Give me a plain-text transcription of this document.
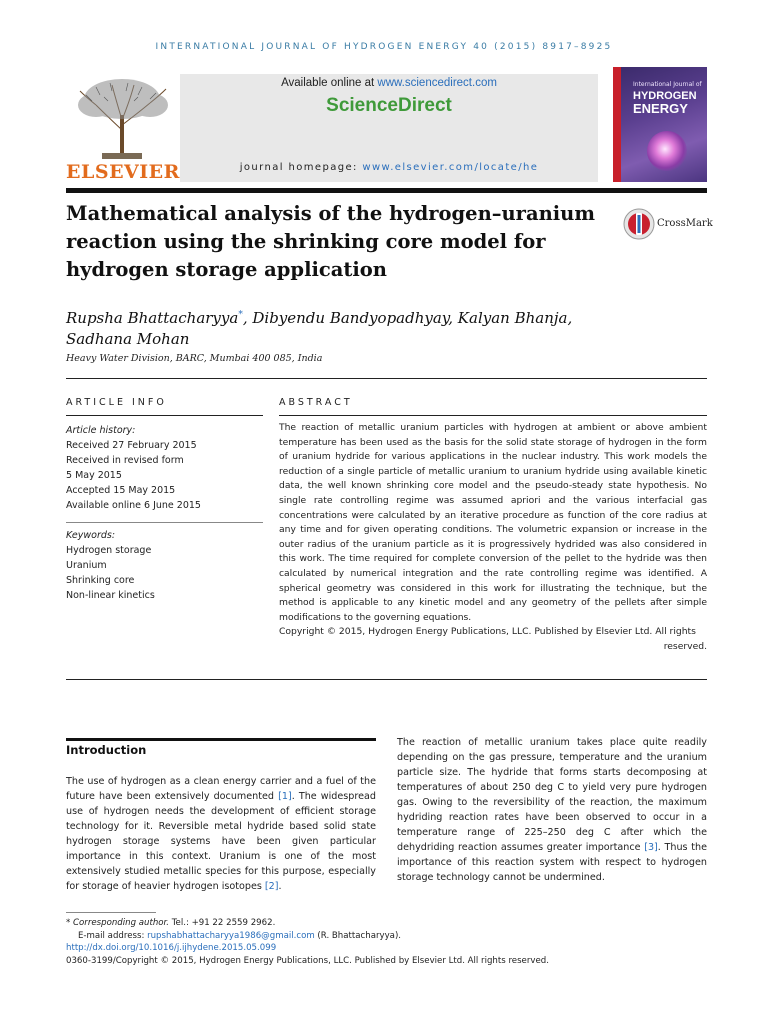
INTERNATIONAL JOURNAL OF HYDROGEN ENERGY 40 (2015) 8917–8925
ELSEVIER
Available online at www.sciencedirect.com
ScienceDirect
journal homepage: www.elsevier.com/locate/he
International Journal of
HYDROGEN
ENERGY
Mathematical analysis of the hydrogen–uranium reaction using the shrinking core model for hydrogen storage application
CrossMark
Rupsha Bhattacharyya*, Dibyendu Bandyopadhyay, Kalyan Bhanja,
Sadhana Mohan
Heavy Water Division, BARC, Mumbai 400 085, India
ARTICLE INFO	ABSTRACT
Article history:
Received 27 February 2015
Received in revised form
5 May 2015
Accepted 15 May 2015
Available online 6 June 2015
Keywords:
Hydrogen storage
Uranium
Shrinking core
Non-linear kinetics
The reaction of metallic uranium particles with hydrogen at ambient or above ambient temperature has been used as the basis for the solid state storage of hydrogen in the form of uranium hydride for various applications in the nuclear industry. This work models the reduction of a single particle of metallic uranium to uranium hydride using available kinetic data, the well known shrinking core model and the pseudo-steady state hypothesis. No single rate controlling regime was assumed apriori and the various interfacial gas concentrations were calculated by an iterative procedure as function of the core radius at any time and for given operating conditions. The volumetric expansion or increase in the outer radius of the uranium particle as it is progressively hydrided was also considered in this work. The time required for complete conversion of the pellet to the hydride was then calculated by numerical integration and the rate controlling regime was identified. A spherical geometry was considered in this work for illustrating the technique, but the method is applicable to any kinetic model and any geometry of the pellets after simple modifications to the governing equations.
Copyright © 2015, Hydrogen Energy Publications, LLC. Published by Elsevier Ltd. All rights
reserved.
Introduction
The use of hydrogen as a clean energy carrier and a fuel of the future have been extensively documented [1]. The widespread use of hydrogen needs the development of efficient storage technology for it. Reversible metal hydride based solid state hydrogen storage systems have been given particular importance in this context. Uranium is one of the most extensively studied metallic species for this purpose, especially for storage of heavier hydrogen isotopes [2].
The reaction of metallic uranium takes place quite readily depending on the gas pressure, temperature and the uranium particle size. The hydride that forms starts decomposing at temperatures of about 250 deg C to yield very pure hydrogen gas. Owing to the reversibility of the reaction, the maximum hydriding reaction rates have been observed to occur in a temperature range of 225–250 deg C after which the dehydriding reaction assumes greater importance [3]. Thus the importance of this reaction system with respect to hydrogen storage technology cannot be undermined.
* Corresponding author. Tel.: +91 22 2559 2962.
E-mail address: rupshabhattacharyya1986@gmail.com (R. Bhattacharyya).
http://dx.doi.org/10.1016/j.ijhydene.2015.05.099
0360-3199/Copyright © 2015, Hydrogen Energy Publications, LLC. Published by Elsevier Ltd. All rights reserved.
